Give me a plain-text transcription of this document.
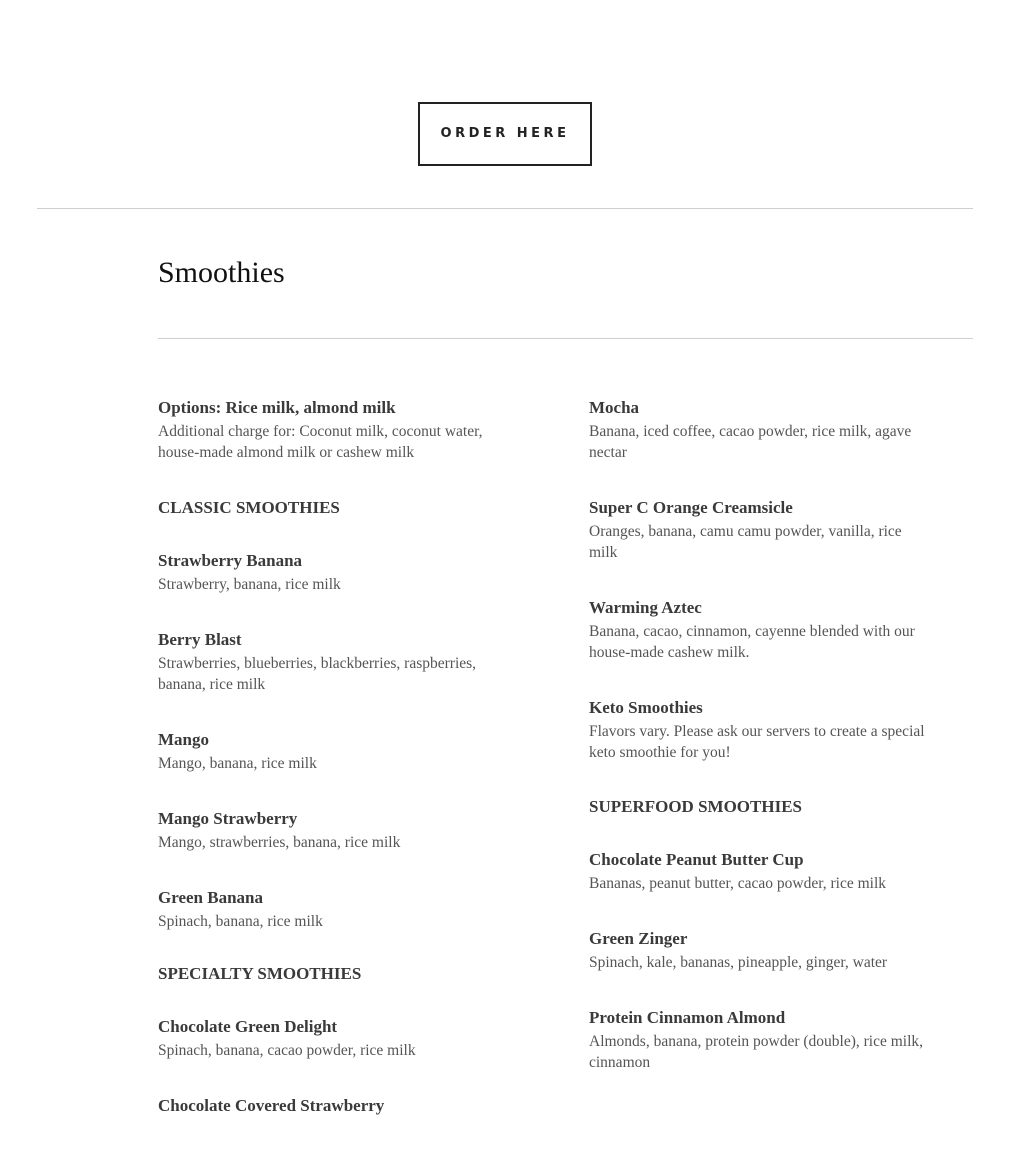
ORDER HERE
Smoothies

Options: Rice milk, almond milk

Additional charge for: Coconut milk, coconut water, house-made almond milk or cashew milk

CLASSIC SMOOTHIES

Strawberry Banana

Strawberry, banana, rice milk

Berry Blast

Strawberries, blueberries, blackberries, raspberries, banana, rice milk

Mango

Mango, banana, rice milk

Mango Strawberry

Mango, strawberries, banana, rice milk

Green Banana

Spinach, banana, rice milk

SPECIALTY SMOOTHIES

Chocolate Green Delight

Spinach, banana, cacao powder, rice milk

Chocolate Covered Strawberry

Mocha

Banana, iced coffee, cacao powder, rice milk, agave nectar

Super C Orange Creamsicle

Oranges, banana, camu camu powder, vanilla, rice milk

Warming Aztec

Banana, cacao, cinnamon, cayenne blended with our house-made cashew milk.

Keto Smoothies

Flavors vary. Please ask our servers to create a special keto smoothie for you!

SUPERFOOD SMOOTHIES

Chocolate Peanut Butter Cup

Bananas, peanut butter, cacao powder, rice milk

Green Zinger

Spinach, kale, bananas, pineapple, ginger, water

Protein Cinnamon Almond

Almonds, banana, protein powder (double), rice milk, cinnamon
